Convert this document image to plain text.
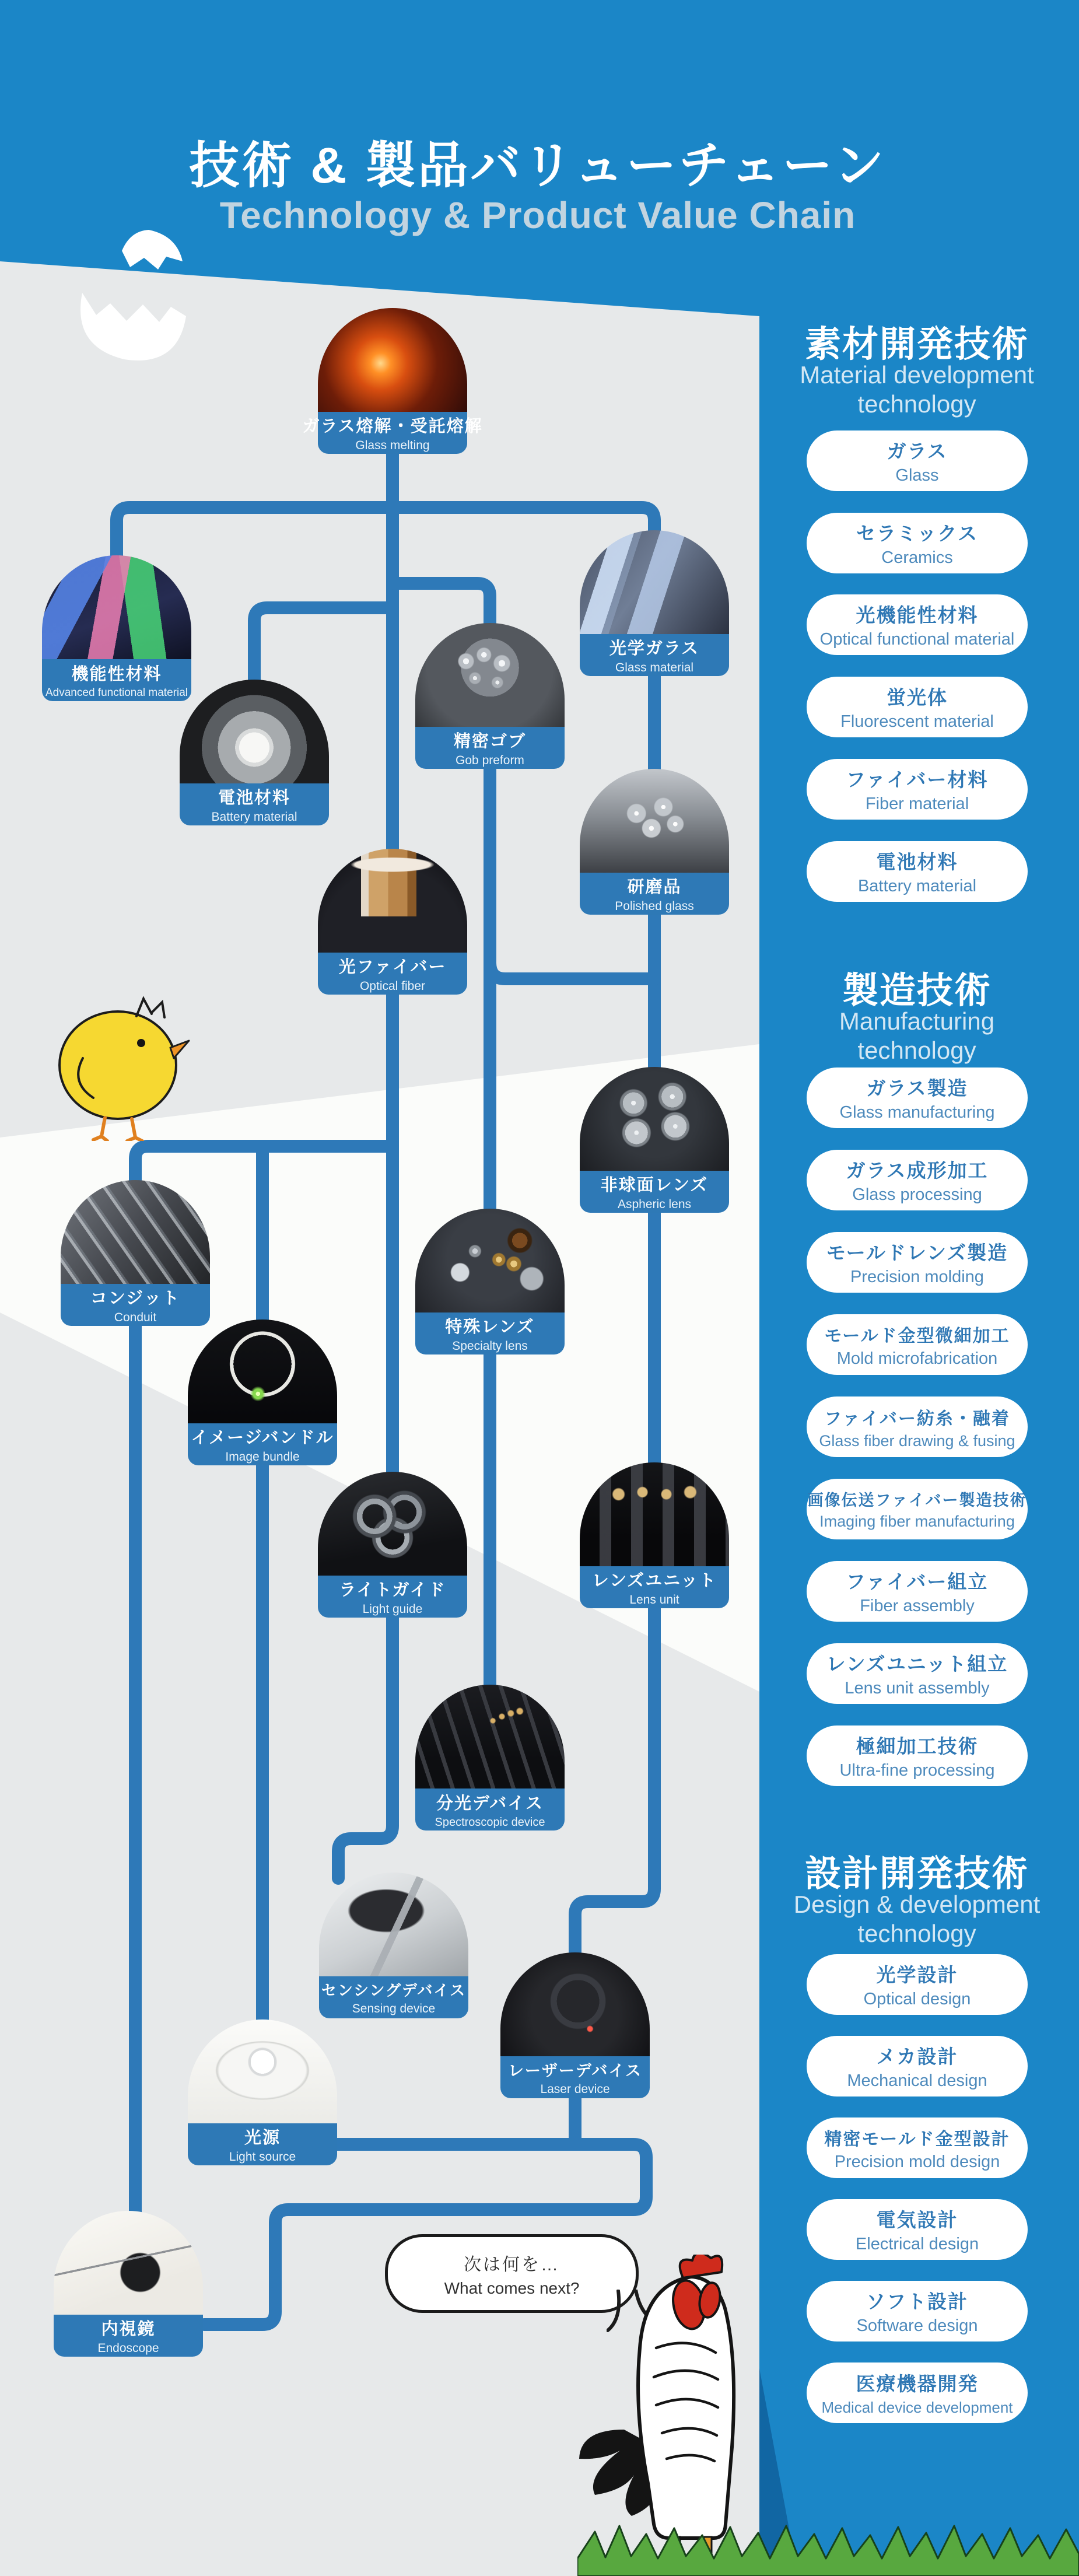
技術 & 製品バリューチェーン
Technology & Product Value Chain
ガラス熔解・受託熔解
Glass melting
機能性材料
Advanced functional material
光学ガラス
Glass material
精密ゴブ
Gob preform
電池材料
Battery material
研磨品
Polished glass
光ファイバー
Optical fiber
非球面レンズ
Aspheric lens
コンジット
Conduit
特殊レンズ
Specialty lens
イメージバンドル
Image bundle
ライトガイド
Light guide
レンズユニット
Lens unit
分光デバイス
Spectroscopic device
センシングデバイス
Sensing device
レーザーデバイス
Laser device
光源
Light source
内視鏡
Endoscope
素材開発技術
Material development technology
ガラス
Glass
セラミックス
Ceramics
光機能性材料
Optical functional material
蛍光体
Fluorescent material
ファイバー材料
Fiber material
電池材料
Battery material
製造技術
Manufacturing technology
ガラス製造
Glass manufacturing
ガラス成形加工
Glass processing
モールドレンズ製造
Precision molding
モールド金型微細加工
Mold microfabrication
ファイバー紡糸・融着
Glass fiber drawing & fusing
画像伝送ファイバー製造技術
Imaging fiber manufacturing
ファイバー組立
Fiber assembly
レンズユニット組立
Lens unit assembly
極細加工技術
Ultra-fine processing
設計開発技術
Design & development technology
光学設計
Optical design
メカ設計
Mechanical design
精密モールド金型設計
Precision mold design
電気設計
Electrical design
ソフト設計
Software design
医療機器開発
Medical device development
次は何を…
What comes next?
